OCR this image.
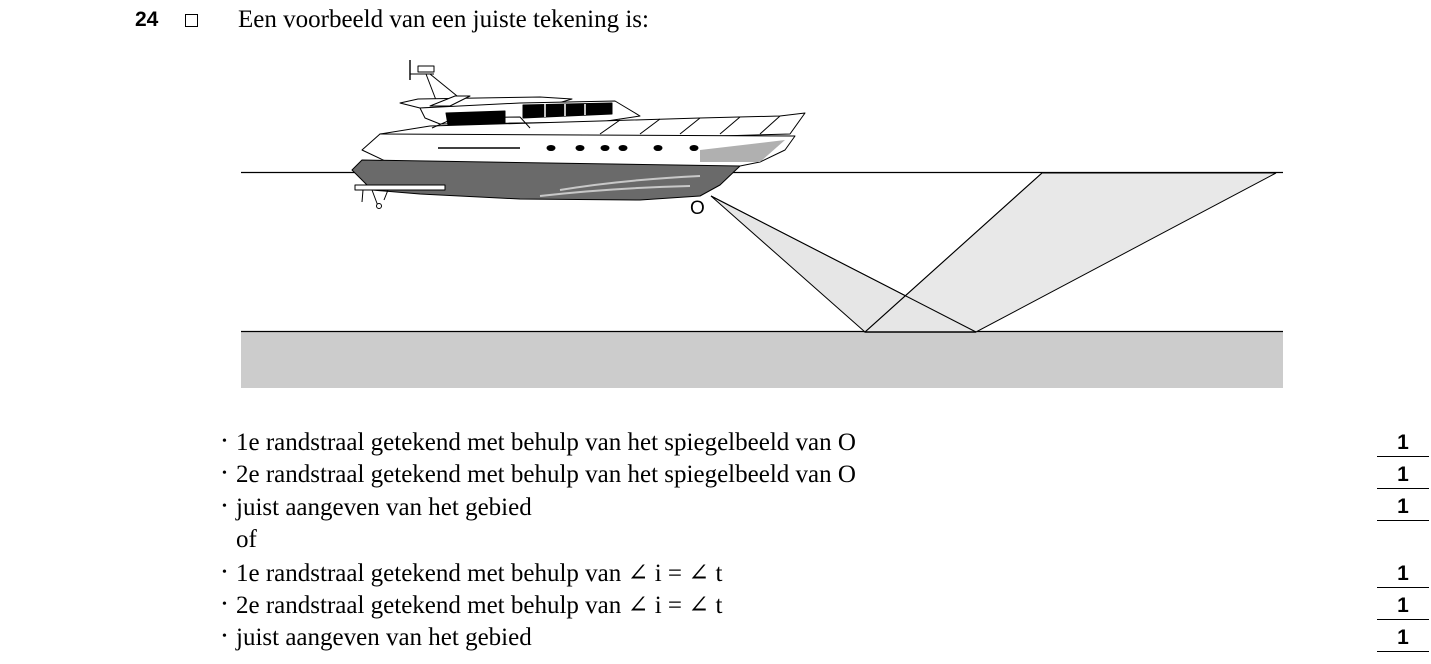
24	Een voorbeeld van een juiste tekening is:
O
• 1e randstraal getekend met behulp van het spiegelbeeld van O	1
• 2e randstraal getekend met behulp van het spiegelbeeld van O	1
• juist aangeven van het gebied	1
of
• 1e randstraal getekend met behulp van ∠ i = ∠ t	1
• 2e randstraal getekend met behulp van ∠ i = ∠ t	1
• juist aangeven van het gebied	1
